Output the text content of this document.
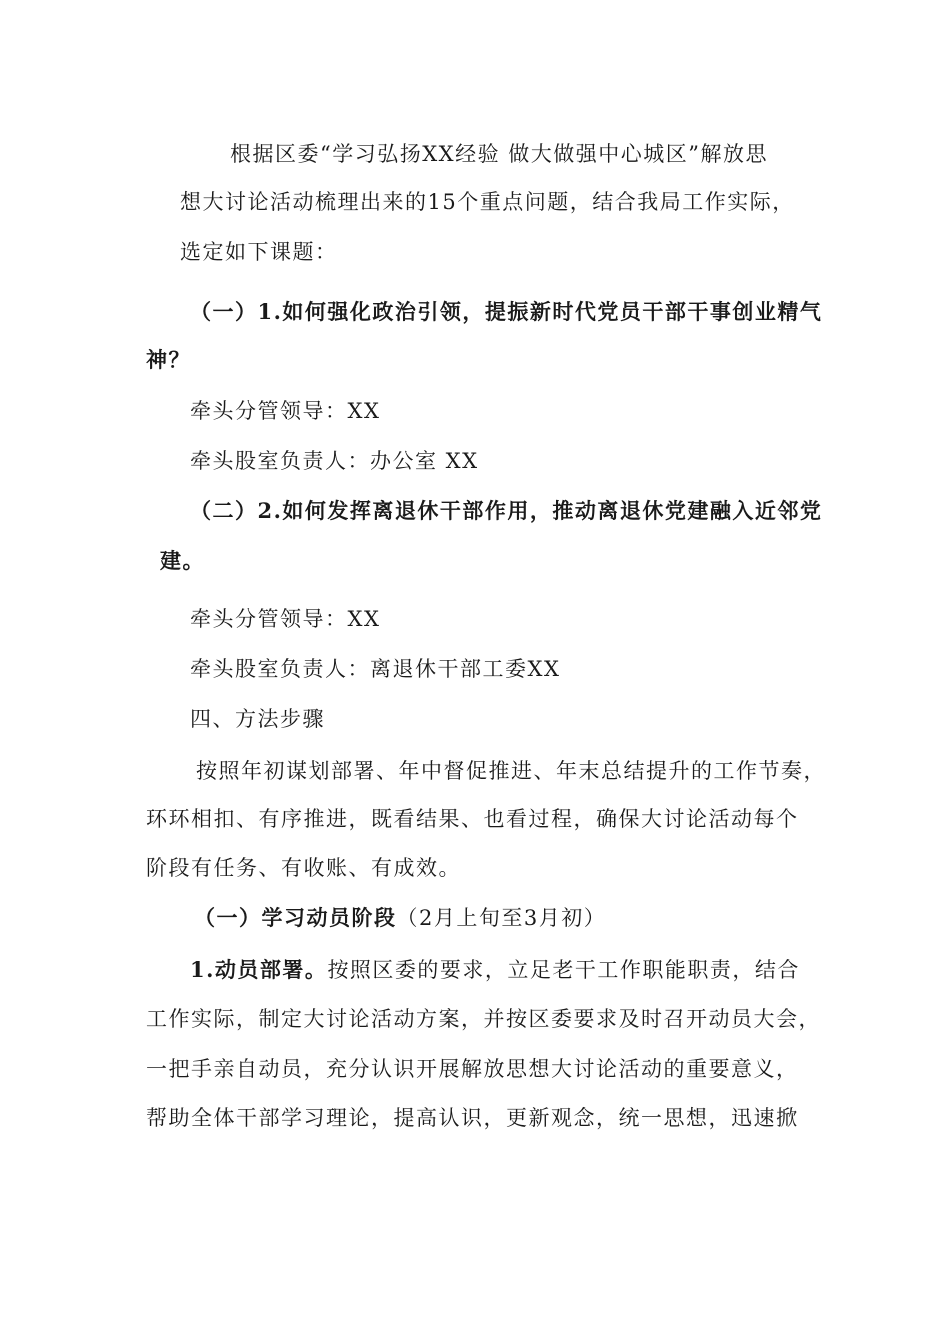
根据区委“学习弘扬XX经验 做大做强中心城区”解放思
想大讨论活动梳理出来的15个重点问题，结合我局工作实际，
选定如下课题：
（一）1.如何强化政治引领，提振新时代党员干部干事创业精气
神？
牵头分管领导：XX
牵头股室负责人：办公室 XX
（二）2.如何发挥离退休干部作用，推动离退休党建融入近邻党
建。
牵头分管领导：XX
牵头股室负责人：离退休干部工委XX
四、方法步骤
按照年初谋划部署、年中督促推进、年末总结提升的工作节奏，
环环相扣、有序推进，既看结果、也看过程，确保大讨论活动每个
阶段有任务、有收账、有成效。
（一）学习动员阶段（2月上旬至3月初）
1.动员部署。按照区委的要求，立足老干工作职能职责，结合
工作实际，制定大讨论活动方案，并按区委要求及时召开动员大会，
一把手亲自动员，充分认识开展解放思想大讨论活动的重要意义，
帮助全体干部学习理论，提高认识，更新观念，统一思想，迅速掀
